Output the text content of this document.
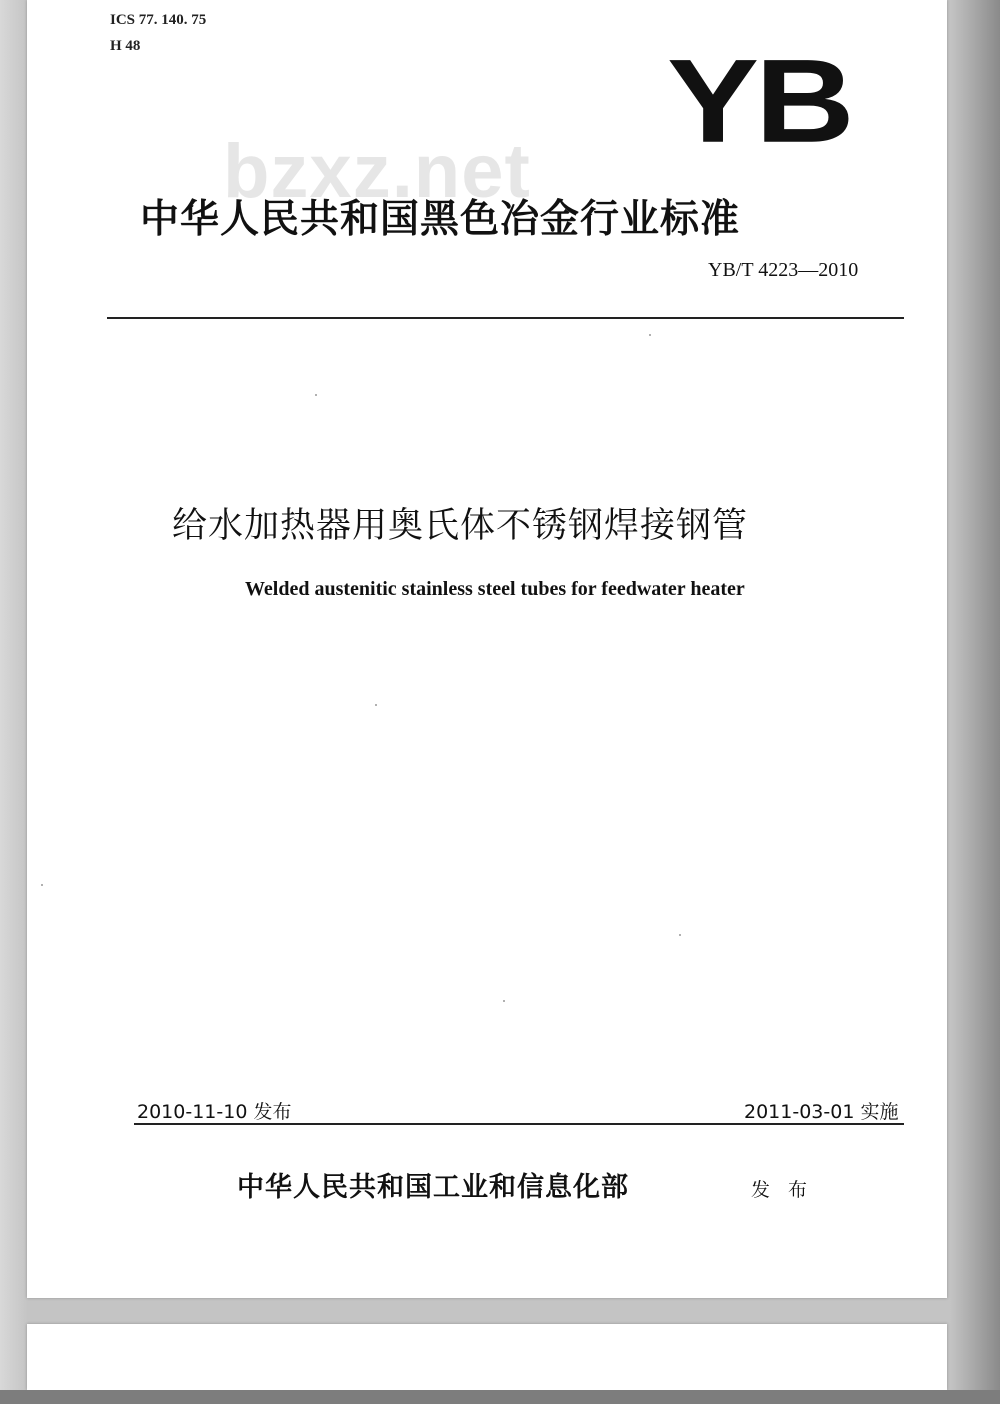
ICS 77. 140. 75
H 48	YB
bzxz.net
中华人民共和国黑色冶金行业标准
YB/T 4223—2010
给水加热器用奥氏体不锈钢焊接钢管
Welded austenitic stainless steel tubes for feedwater heater
2010-11-10 发布	2011-03-01 实施
中华人民共和国工业和信息化部	发 布
